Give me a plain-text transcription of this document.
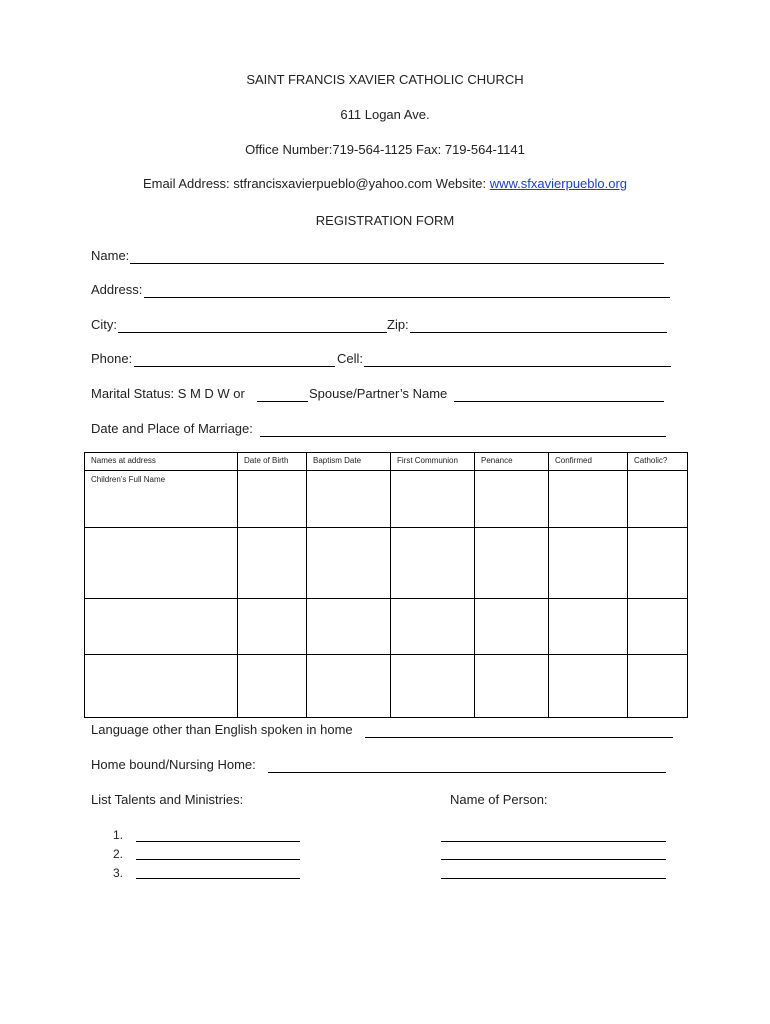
SAINT FRANCIS XAVIER CATHOLIC CHURCH
611 Logan Ave.
Office Number:719-564-1125 Fax: 719-564-1141
Email Address: stfrancisxavierpueblo@yahoo.com Website: www.sfxavierpueblo.org
REGISTRATION FORM
Name:
Address:
City:	Zip:
Phone:	Cell:
Marital Status: S M D W or	Spouse/Partner’s Name
Date and Place of Marriage:
Names at address	Date of Birth	Baptism Date	First Communion	Penance	Confirmed	Catholic?
Children’s Full Name						

Language other than English spoken in home
Home bound/Nursing Home:
List Talents and Ministries:	Name of Person:
1.
2.
3.
